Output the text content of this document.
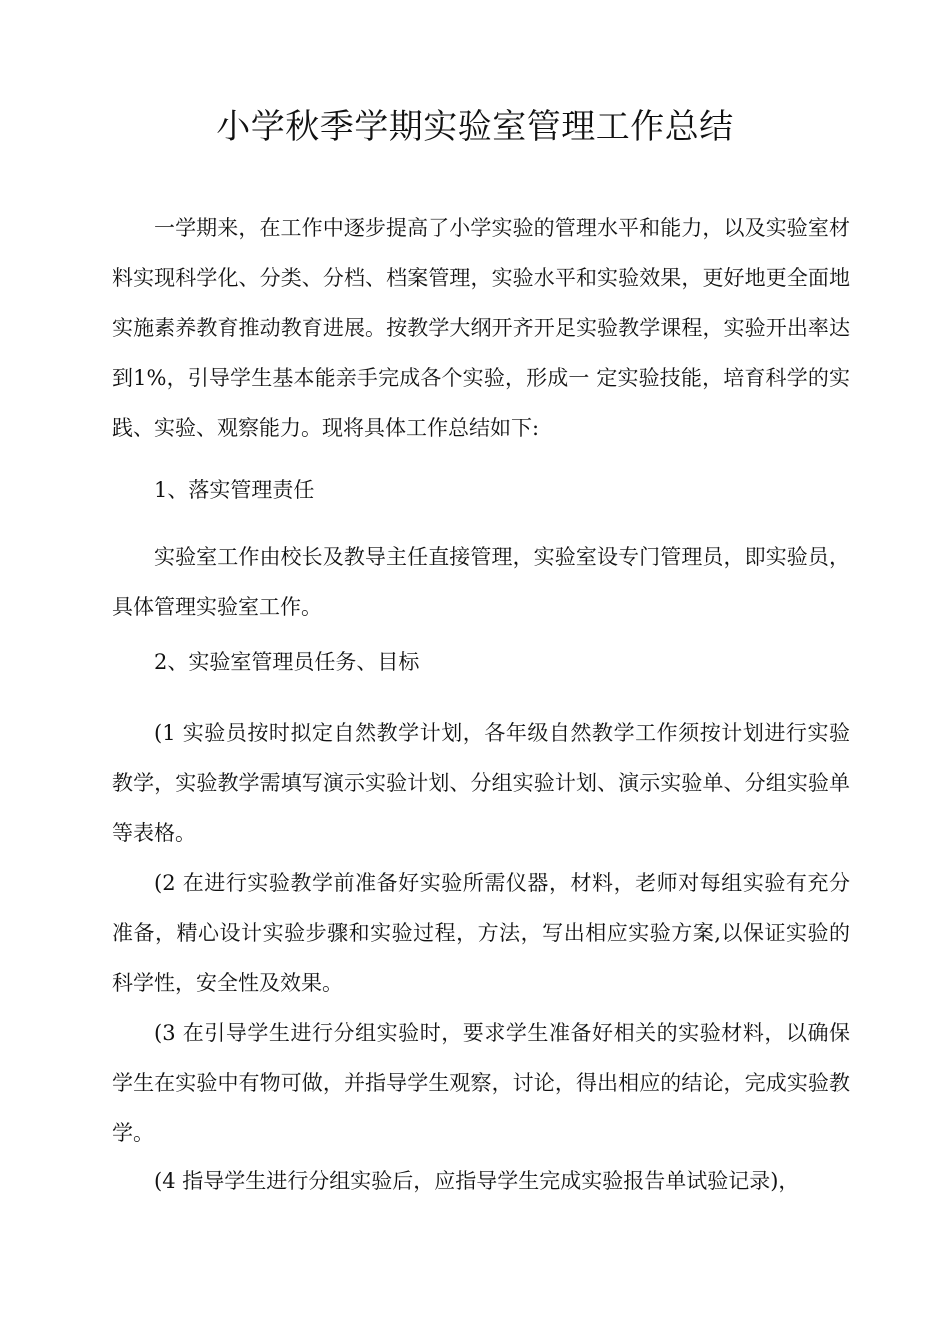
小学秋季学期实验室管理工作总结

一学期来，在工作中逐步提高了小学实验的管理水平和能力，以及实验室材料实现科学化、分类、分档、档案管理，实验水平和实验效果，更好地更全面地实施素养教育推动教育进展。按教学大纲开齐开足实验教学课程，实验开出率达到1%，引导学生基本能亲手完成各个实验，形成一 定实验技能，培育科学的实践、实验、观察能力。现将具体工作总结如下:

1、落实管理责任

实验室工作由校长及教导主任直接管理，实验室设专门管理员，即实验员，具体管理实验室工作。

2、实验室管理员任务、目标

(1 实验员按时拟定自然教学计划，各年级自然教学工作须按计划进行实验教学，实验教学需填写演示实验计划、分组实验计划、演示实验单、分组实验单等表格。

(2 在进行实验教学前准备好实验所需仪器，材料，老师对每组实验有充分准备，精心设计实验步骤和实验过程，方法，写出相应实验方案,以保证实验的科学性，安全性及效果。

(3 在引导学生进行分组实验时，要求学生准备好相关的实验材料，以确保学生在实验中有物可做，并指导学生观察，讨论，得出相应的结论，完成实验教学。

(4 指导学生进行分组实验后，应指导学生完成实验报告单试验记录)，
